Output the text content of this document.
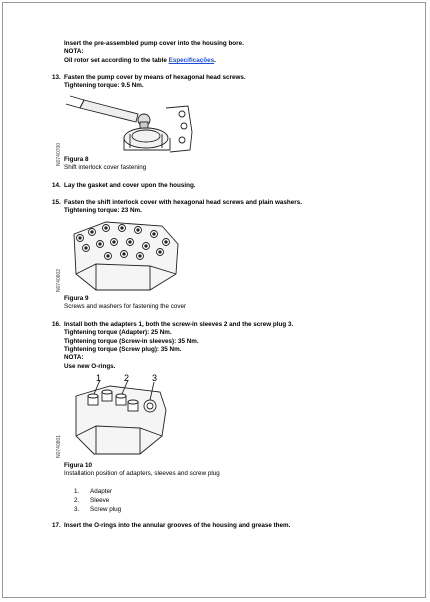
Insert the pre-assembled pump cover into the housing bore.
NOTA:
Oil rotor set according to the table Especificações.
13. Fasten the pump cover by means of hexagonal head screws.
Tightening torque: 9.5 Nm.
N0740700 Figura 8
Shift interlock cover fastening
14. Lay the gasket and cover upon the housing.
15. Fasten the shift interlock cover with hexagonal head screws and plain washers.
Tightening torque: 23 Nm.
N0740802
Figura 9
Screws and washers for fastening the cover
16. Install both the adapters 1, both the screw-in sleeves 2 and the screw plug 3.
Tightening torque (Adapter): 25 Nm.
Tightening torque (Screw-in sleeves): 35 Nm.
Tightening torque (Screw plug): 35 Nm.
NOTA:
Use new O-rings.
N0740801
1	2	3
Figura 10
Installation position of adapters, sleeves and screw plug
1. Adapter
2. Sleeve
3. Screw plug
17. Insert the O-rings into the annular grooves of the housing and grease them.
